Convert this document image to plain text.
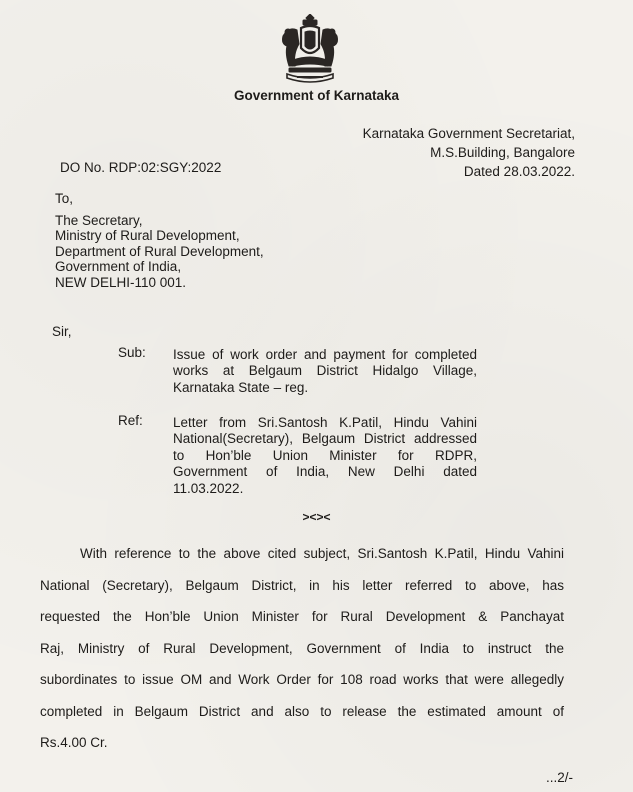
Government of Karnataka
Karnataka Government Secretariat,
M.S.Building, Bangalore
Dated 28.03.2022.
DO No. RDP:02:SGY:2022
To,
The Secretary,
Ministry of Rural Development,
Department of Rural Development,
Government of India,
NEW DELHI-110 001.
Sir,
Sub: Issue of work order and payment for completed
works at Belgaum District Hidalgo Village,
Karnataka State – reg.
Ref: Letter from Sri.Santosh K.Patil, Hindu Vahini
National(Secretary), Belgaum District addressed
to Hon’ble Union Minister for RDPR,
Government of India, New Delhi dated
11.03.2022.
><><
With reference to the above cited subject, Sri.Santosh K.Patil, Hindu Vahini
National (Secretary), Belgaum District, in his letter referred to above, has
requested the Hon’ble Union Minister for Rural Development & Panchayat
Raj, Ministry of Rural Development, Government of India to instruct the
subordinates to issue OM and Work Order for 108 road works that were allegedly
completed in Belgaum District and also to release the estimated amount of
Rs.4.00 Cr.
...2/-
